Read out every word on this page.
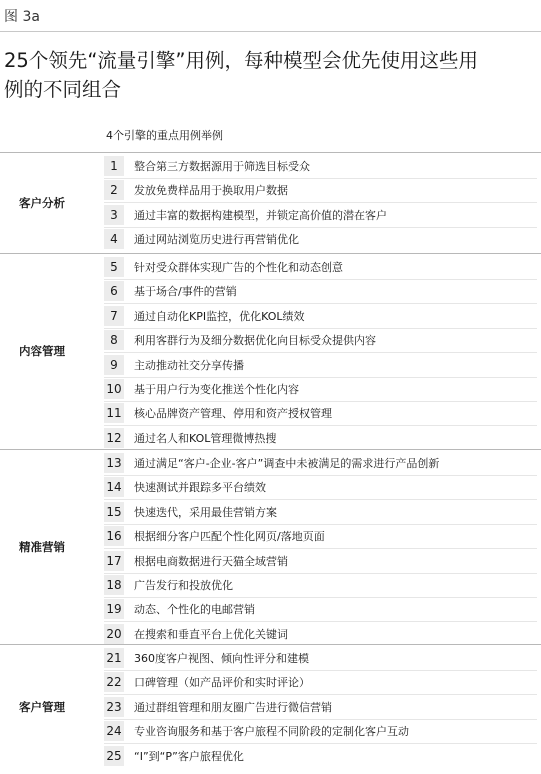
图 3a
25个领先“流量引擎”用例，每种模型会优先使用这些用
例的不同组合
4个引擎的重点用例举例
客户分析
1	整合第三方数据源用于筛选目标受众
2	发放免费样品用于换取用户数据
3	通过丰富的数据构建模型，并锁定高价值的潜在客户
4	通过网站浏览历史进行再营销优化
内容管理
5	针对受众群体实现广告的个性化和动态创意
6	基于场合/事件的营销
7	通过自动化KPI监控，优化KOL绩效
8	利用客群行为及细分数据优化向目标受众提供内容
9	主动推动社交分享传播
10 基于用户行为变化推送个性化内容
11 核心品牌资产管理、停用和资产授权管理
12 通过名人和KOL管理微博热搜
精准营销
13 通过满足“客户-企业-客户”调查中未被满足的需求进行产品创新
14 快速测试并跟踪多平台绩效
15 快速迭代，采用最佳营销方案
16 根据细分客户匹配个性化网页/落地页面
17 根据电商数据进行天猫全域营销
18 广告发行和投放优化
19 动态、个性化的电邮营销
20 在搜索和垂直平台上优化关键词
客户管理
21 360度客户视图、倾向性评分和建模
22 口碑管理（如产品评价和实时评论）
23 通过群组管理和朋友圈广告进行微信营销
24 专业咨询服务和基于客户旅程不同阶段的定制化客户互动
25 “I”到“P”客户旅程优化
